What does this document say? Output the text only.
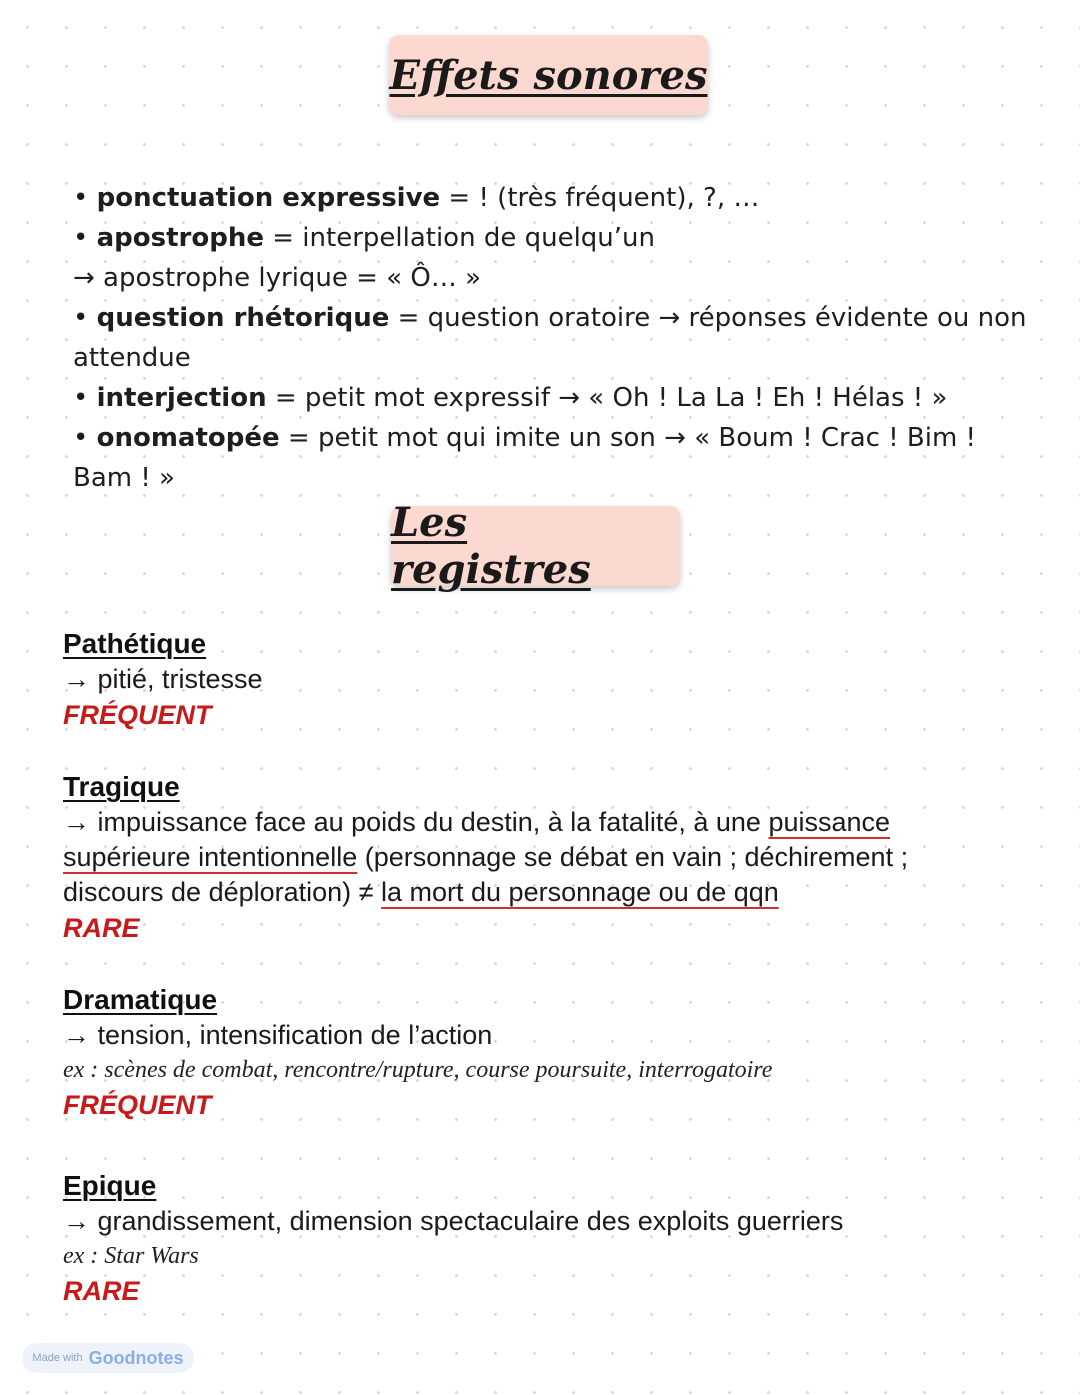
Effets sonores
• ponctuation expressive = ! (très fréquent), ?, …
• apostrophe = interpellation de quelqu’un
→ apostrophe lyrique = « Ô… »
• question rhétorique = question oratoire → réponses évidente ou non
attendue
• interjection = petit mot expressif → « Oh ! La La ! Eh ! Hélas ! »
• onomatopée = petit mot qui imite un son → « Boum ! Crac ! Bim !
Bam ! »
Les registres
Pathétique
→ pitié, tristesse
FRÉQUENT
Tragique
→ impuissance face au poids du destin, à la fatalité, à une puissance
supérieure intentionnelle (personnage se débat en vain ; déchirement ;
discours de déploration) ≠ la mort du personnage ou de qqn
RARE
Dramatique
→ tension, intensification de l’action
ex : scènes de combat, rencontre/rupture, course poursuite, interrogatoire
FRÉQUENT
Epique
→ grandissement, dimension spectaculaire des exploits guerriers
ex : Star Wars
RARE
Made with Goodnotes
